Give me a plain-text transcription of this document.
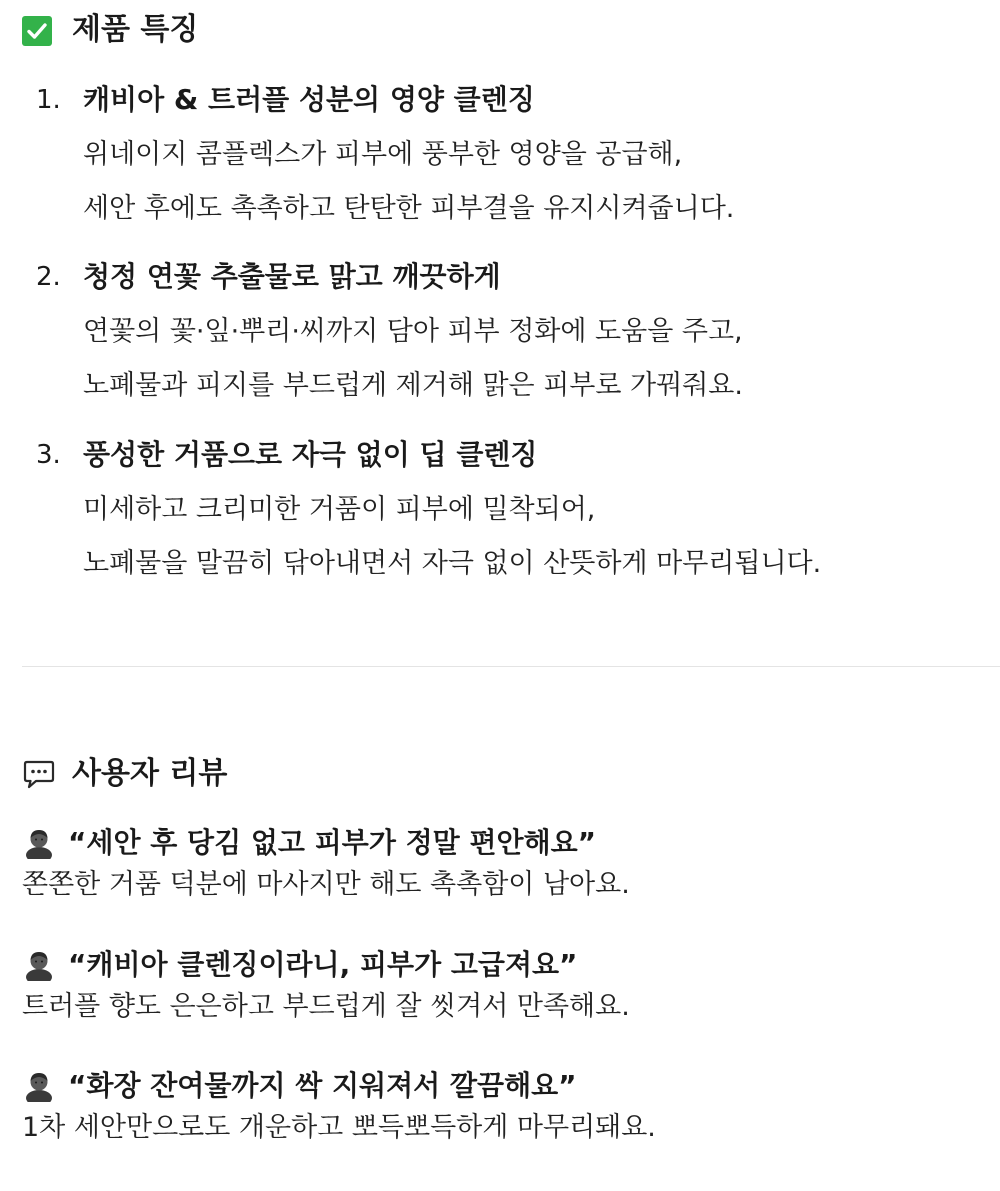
제품 특징
1. 캐비아 & 트러플 성분의 영양 클렌징
위네이지 콤플렉스가 피부에 풍부한 영양을 공급해,
세안 후에도 촉촉하고 탄탄한 피부결을 유지시켜줍니다.
2. 청정 연꽃 추출물로 맑고 깨끗하게
연꽃의 꽃·잎·뿌리·씨까지 담아 피부 정화에 도움을 주고,
노폐물과 피지를 부드럽게 제거해 맑은 피부로 가꿔줘요.
3. 풍성한 거품으로 자극 없이 딥 클렌징
미세하고 크리미한 거품이 피부에 밀착되어,
노폐물을 말끔히 닦아내면서 자극 없이 산뜻하게 마무리됩니다.
사용자 리뷰
“세안 후 당김 없고 피부가 정말 편안해요”
쫀쫀한 거품 덕분에 마사지만 해도 촉촉함이 남아요.
“캐비아 클렌징이라니, 피부가 고급져요”
트러플 향도 은은하고 부드럽게 잘 씻겨서 만족해요.
“화장 잔여물까지 싹 지워져서 깔끔해요”
1차 세안만으로도 개운하고 뽀득뽀득하게 마무리돼요.
